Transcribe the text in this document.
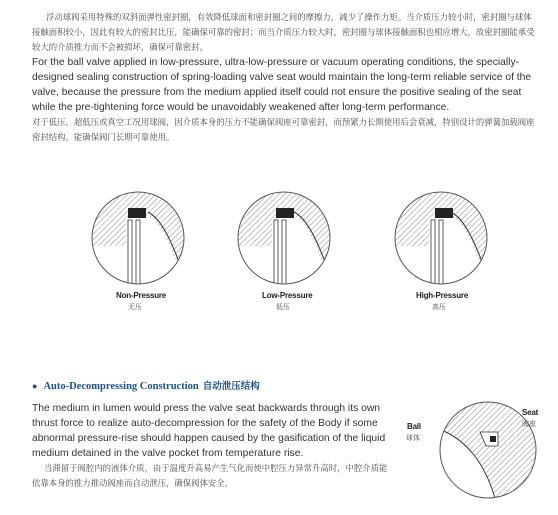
浮动球阀采用特殊的双斜面弹性密封圈，有效降低球面和密封圈之间的摩擦力，减少了操作力矩。当介质压力较小时，密封圈与球体接触面积较小，因此有较大的密封比压，能确保可靠的密封；而当介质压力较大时，密封圈与球体接触面积也相应增大，故密封圈能承受较大的介质推力而不会被损坏，确保可靠密封。

For the ball valve applied in low-pressure, ultra-low-pressure or vacuum operating conditions, the specially-designed sealing construction of spring-loading valve seat would maintain the long-term reliable service of the valve, because the pressure from the medium applied itself could not ensure the positive sealing of the seat while the pre-tightening force would be unavoidably weakened after long-term performance.

对于低压，超低压或真空工况用球阀，因介质本身的压力不能确保阀座可靠密封，而预紧力长期使用后会衰减，特别设计的弹簧加载阀座密封结构，能确保阀门长期可靠使用。

Non-Pressure
无压
Low-Pressure
低压
High-Pressure
高压
● Auto-Decompressing Construction 自动泄压结构

The medium in lumen would press the valve seat backwards through its own thrust force to realize auto-decompression for the safety of the Body if some abnormal pressure-rise should happen caused by the gasification of the liquid medium detained in the valve pocket from temperature rise.

当滞留于阀腔内的液体介质，由于温度升高易产生气化而使中腔压力异常升高时，中腔介质能依靠本身的推力推动阀座而自动泄压，确保阀体安全。

Ball
球体
Seat
阀座
